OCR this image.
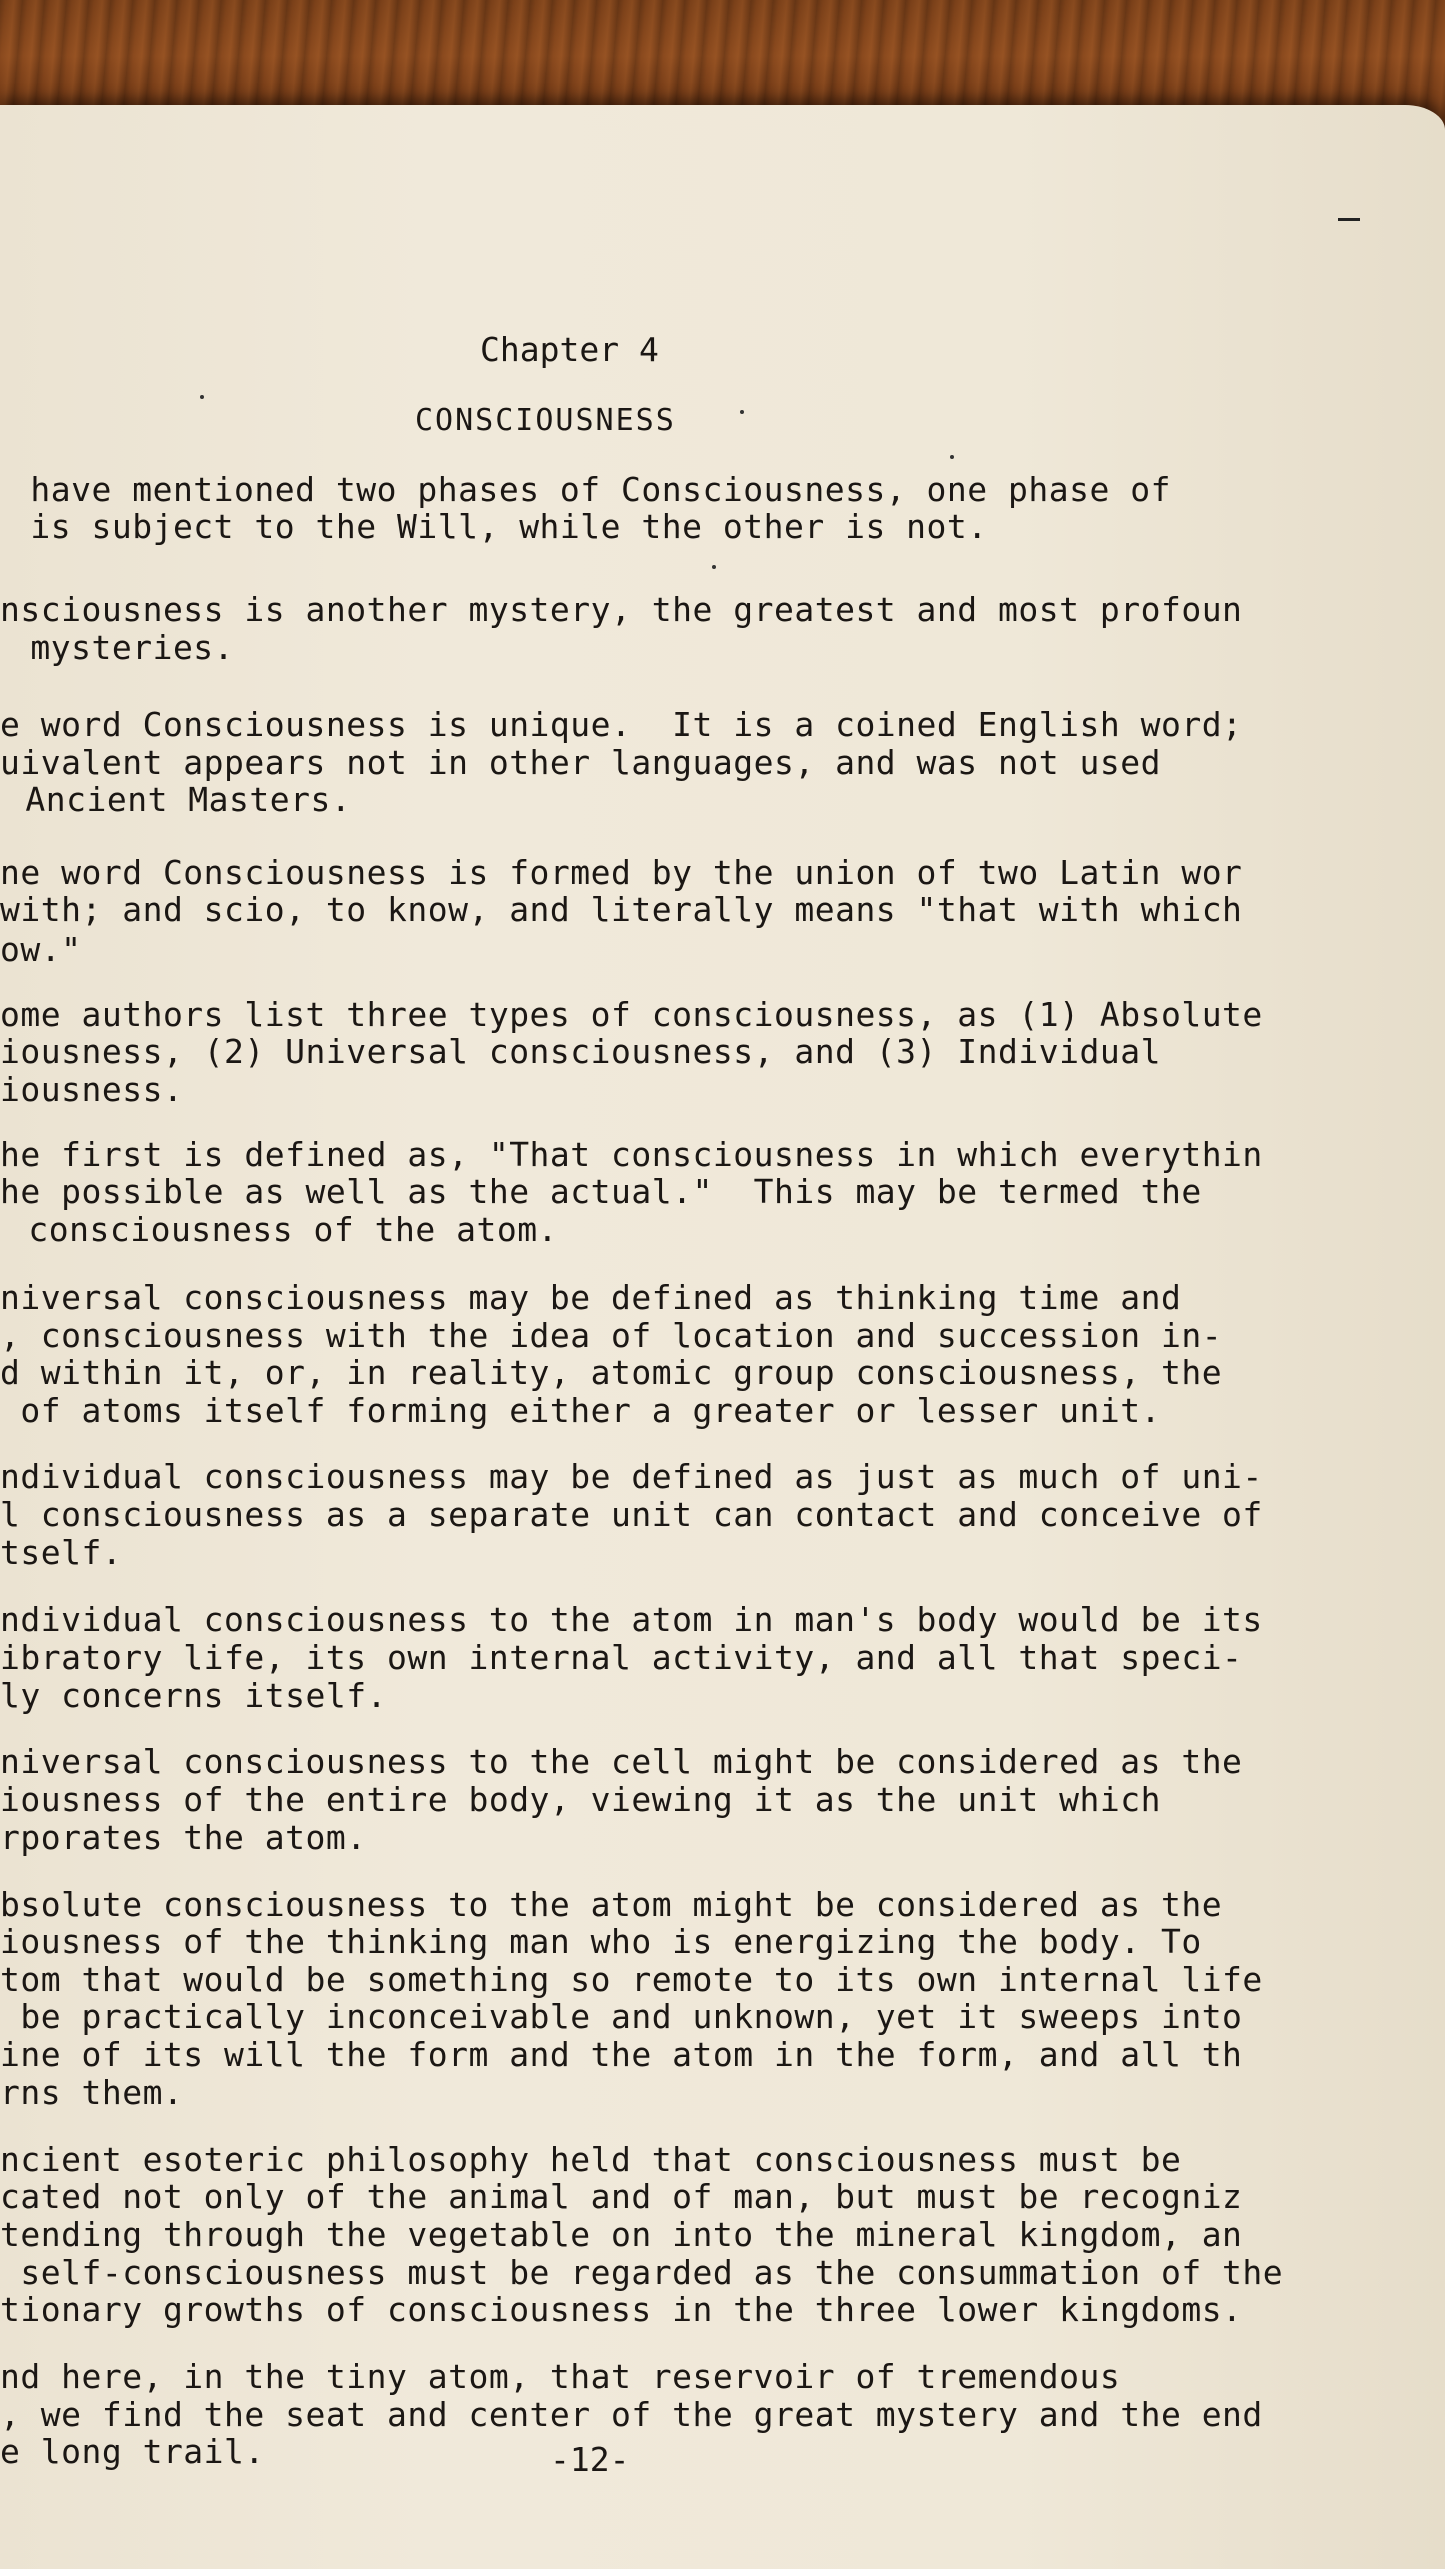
Chapter 4
CONSCIOUSNESS
have mentioned two phases of Consciousness, one phase of
is subject to the Will, while the other is not.
nsciousness is another mystery, the greatest and most profoun
mysteries.
e word Consciousness is unique.  It is a coined English word;
uivalent appears not in other languages, and was not used
Ancient Masters.
ne word Consciousness is formed by the union of two Latin wor
with; and scio, to know, and literally means "that with which
ow."
ome authors list three types of consciousness, as (1) Absolute
iousness, (2) Universal consciousness, and (3) Individual
iousness.
he first is defined as, "That consciousness in which everythin
he possible as well as the actual."  This may be termed the
consciousness of the atom.
niversal consciousness may be defined as thinking time and
, consciousness with the idea of location and succession in-
d within it, or, in reality, atomic group consciousness, the
of atoms itself forming either a greater or lesser unit.
ndividual consciousness may be defined as just as much of uni-
l consciousness as a separate unit can contact and conceive of
tself.
ndividual consciousness to the atom in man's body would be its
ibratory life, its own internal activity, and all that speci-
ly concerns itself.
niversal consciousness to the cell might be considered as the
iousness of the entire body, viewing it as the unit which
rporates the atom.
bsolute consciousness to the atom might be considered as the
iousness of the thinking man who is energizing the body. To
tom that would be something so remote to its own internal life
be practically inconceivable and unknown, yet it sweeps into
ine of its will the form and the atom in the form, and all th
rns them.
ncient esoteric philosophy held that consciousness must be
cated not only of the animal and of man, but must be recogniz
tending through the vegetable on into the mineral kingdom, an
self-consciousness must be regarded as the consummation of the
tionary growths of consciousness in the three lower kingdoms.
nd here, in the tiny atom, that reservoir of tremendous
, we find the seat and center of the great mystery and the end
e long trail.	-12-
